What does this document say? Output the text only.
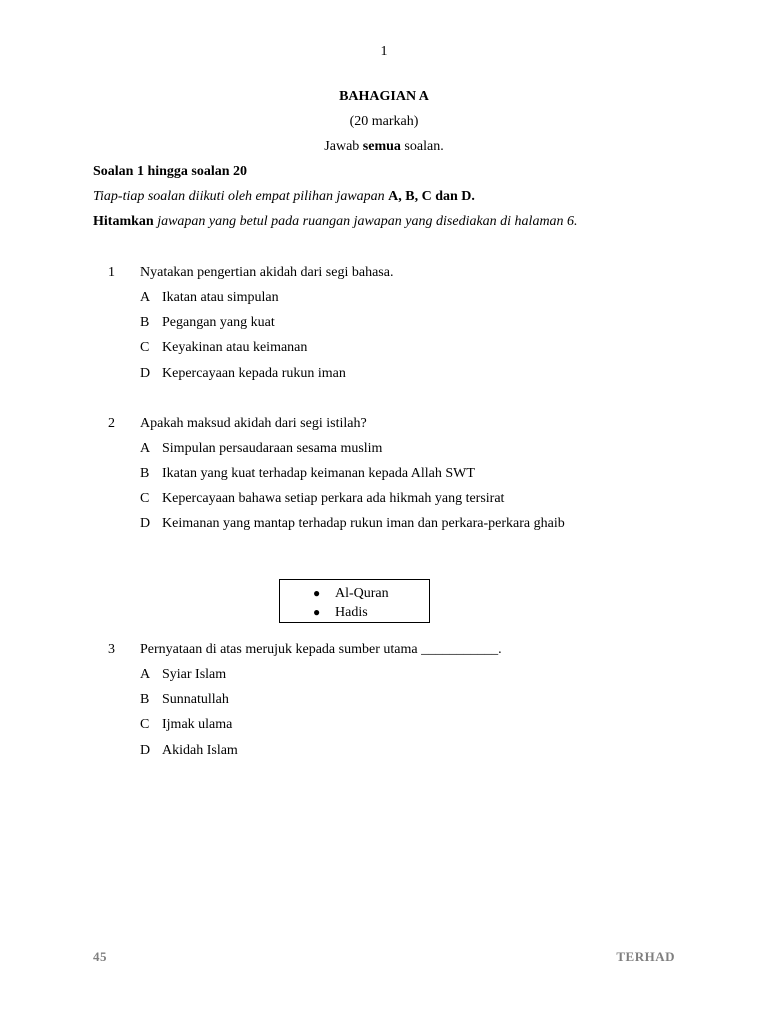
1
BAHAGIAN A
(20 markah)
Jawab semua soalan.
Soalan 1 hingga soalan 20
Tiap-tiap soalan diikuti oleh empat pilihan jawapan A, B, C dan D.
Hitamkan jawapan yang betul pada ruangan jawapan yang disediakan di halaman 6.
1 Nyatakan pengertian akidah dari segi bahasa.
A Ikatan atau simpulan
B Pegangan yang kuat
C Keyakinan atau keimanan
D Kepercayaan kepada rukun iman
2 Apakah maksud akidah dari segi istilah?
A Simpulan persaudaraan sesama muslim
B Ikatan yang kuat terhadap keimanan kepada Allah SWT
C Kepercayaan bahawa setiap perkara ada hikmah yang tersirat
D Keimanan yang mantap terhadap rukun iman dan perkara-perkara ghaib
● Al-Quran
● Hadis
3 Pernyataan di atas merujuk kepada sumber utama ___________.
A Syiar Islam
B Sunnatullah
C Ijmak ulama
D Akidah Islam
45	TERHAD
